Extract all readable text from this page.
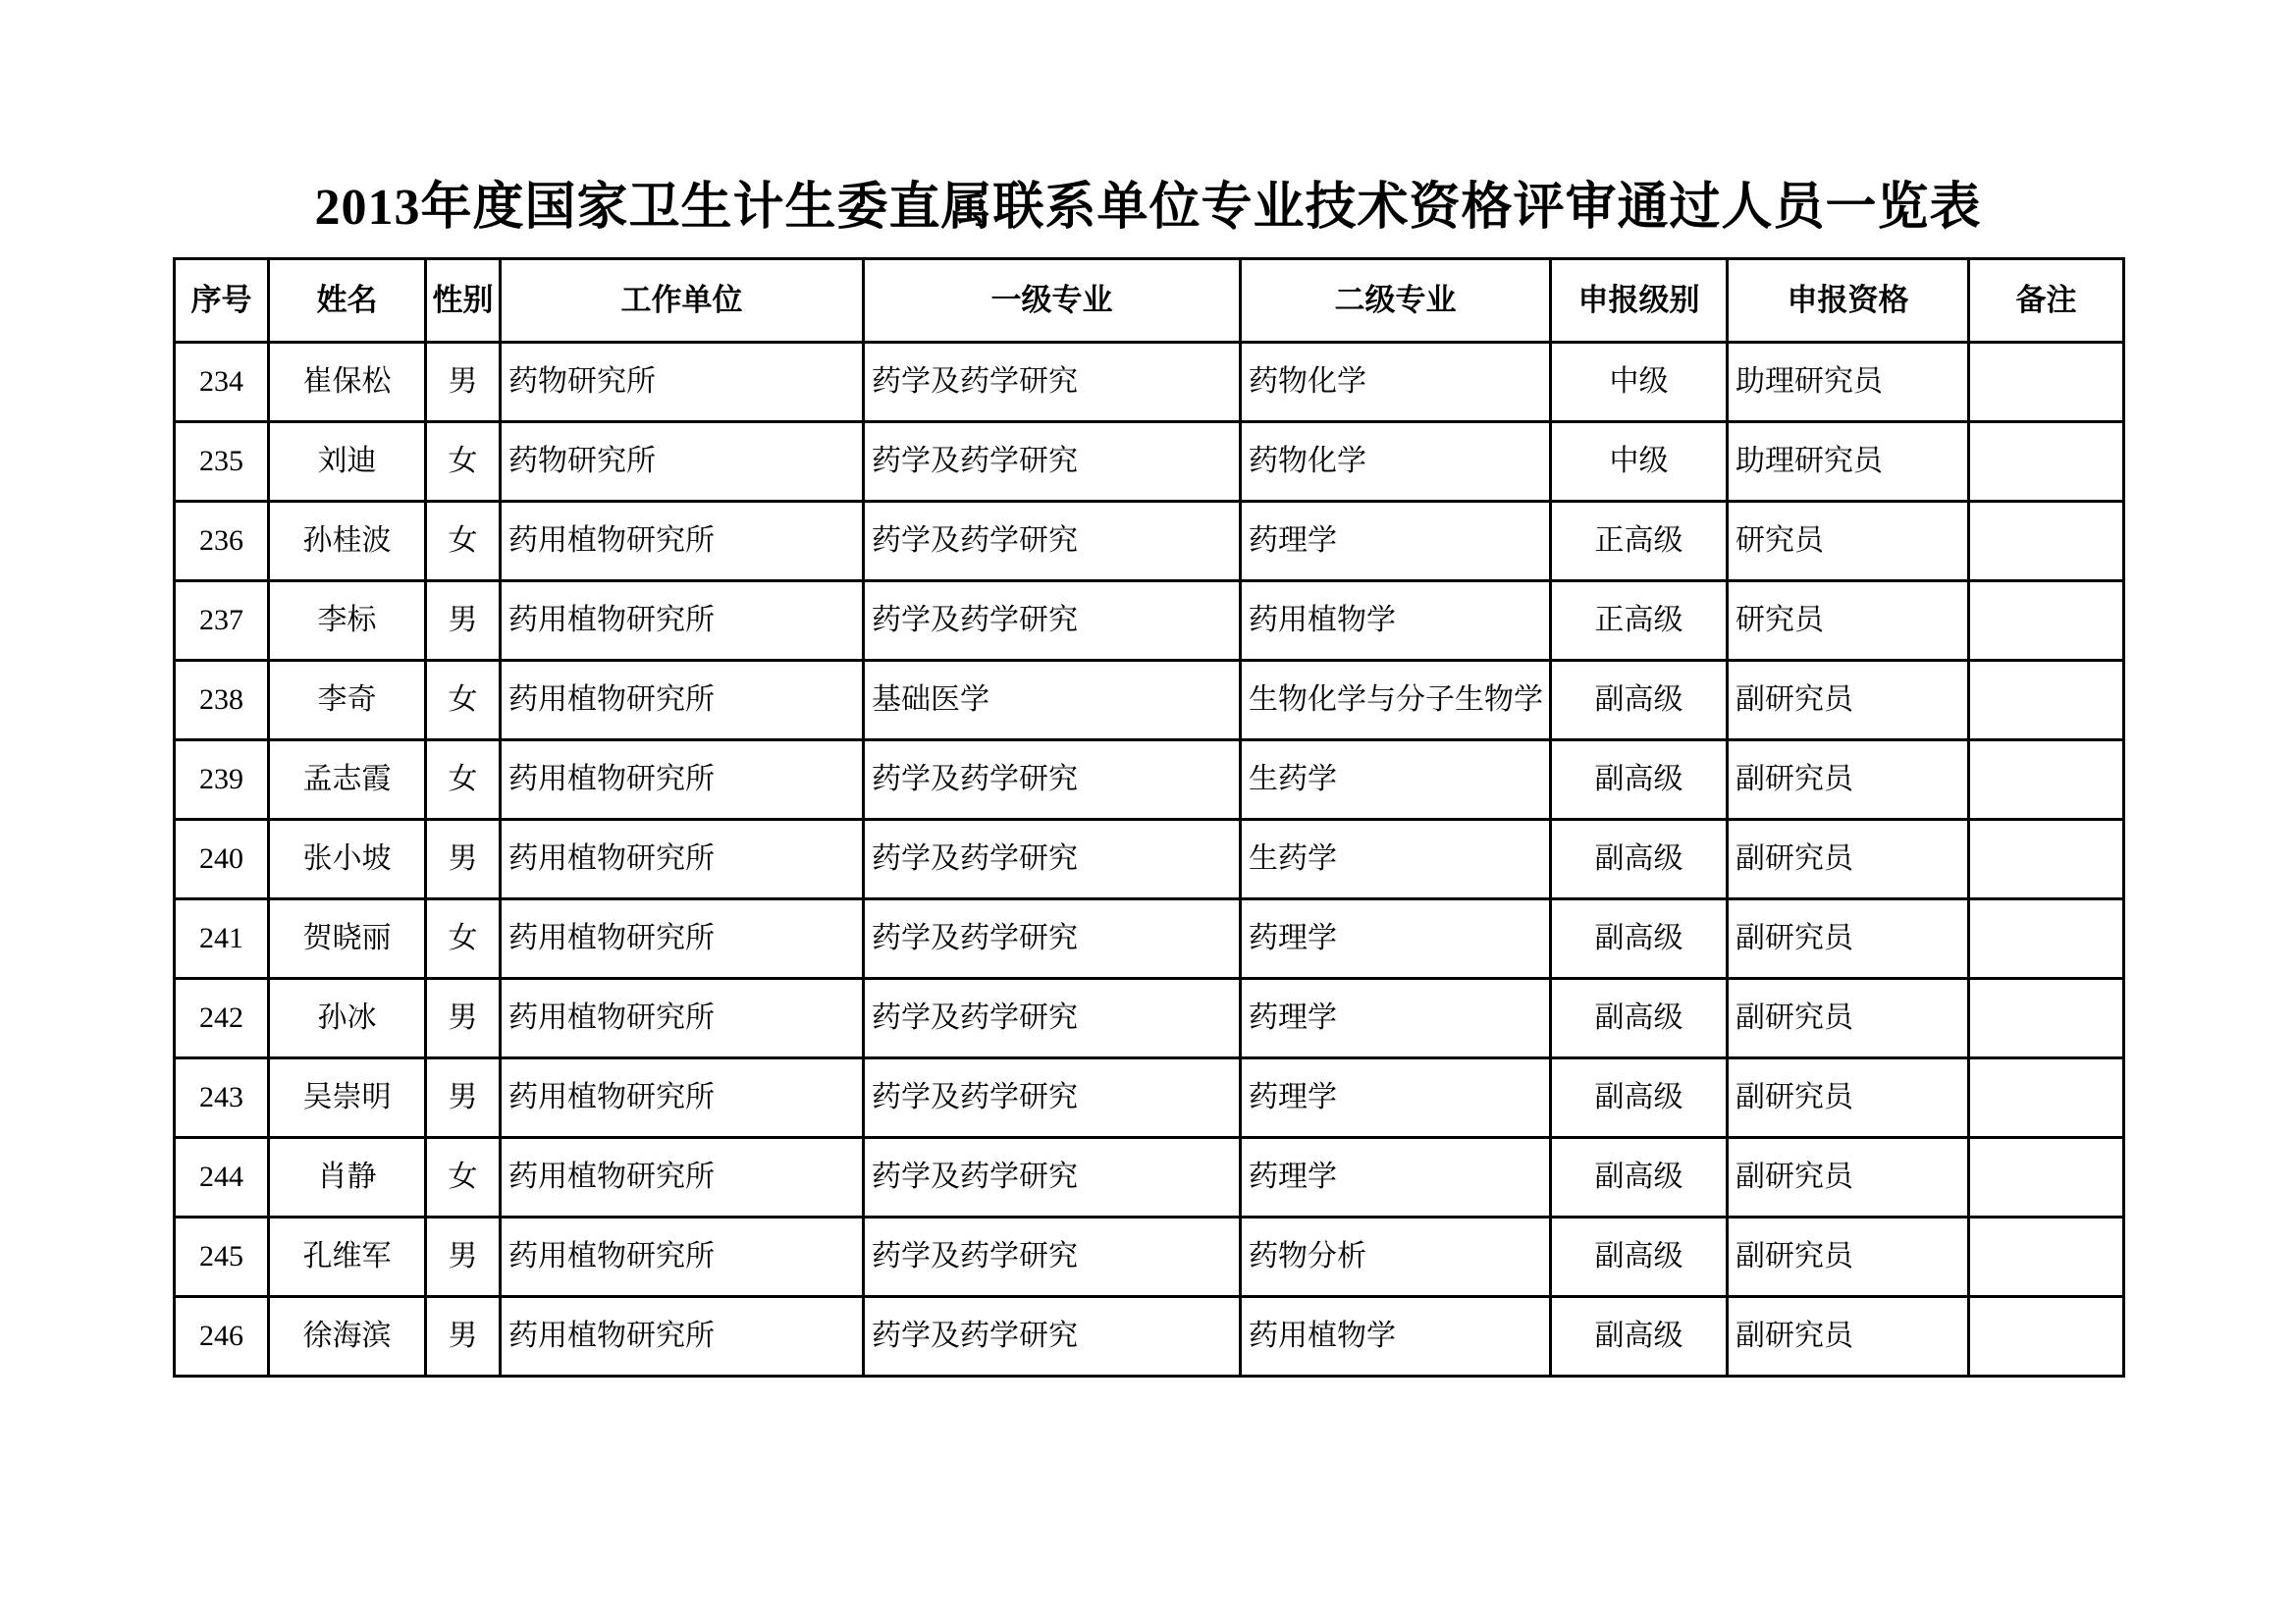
2013年度国家卫生计生委直属联系单位专业技术资格评审通过人员一览表
序号	姓名	性别	工作单位	一级专业	二级专业	申报级别	申报资格	备注
234	崔保松	男	药物研究所	药学及药学研究	药物化学	中级	助理研究员	
235	刘迪	女	药物研究所	药学及药学研究	药物化学	中级	助理研究员	
236	孙桂波	女	药用植物研究所	药学及药学研究	药理学	正高级	研究员	
237	李标	男	药用植物研究所	药学及药学研究	药用植物学	正高级	研究员	
238	李奇	女	药用植物研究所	基础医学	生物化学与分子生物学	副高级	副研究员	
239	孟志霞	女	药用植物研究所	药学及药学研究	生药学	副高级	副研究员	
240	张小坡	男	药用植物研究所	药学及药学研究	生药学	副高级	副研究员	
241	贺晓丽	女	药用植物研究所	药学及药学研究	药理学	副高级	副研究员	
242	孙冰	男	药用植物研究所	药学及药学研究	药理学	副高级	副研究员	
243	吴崇明	男	药用植物研究所	药学及药学研究	药理学	副高级	副研究员	
244	肖静	女	药用植物研究所	药学及药学研究	药理学	副高级	副研究员	
245	孔维军	男	药用植物研究所	药学及药学研究	药物分析	副高级	副研究员	
246	徐海滨	男	药用植物研究所	药学及药学研究	药用植物学	副高级	副研究员	
